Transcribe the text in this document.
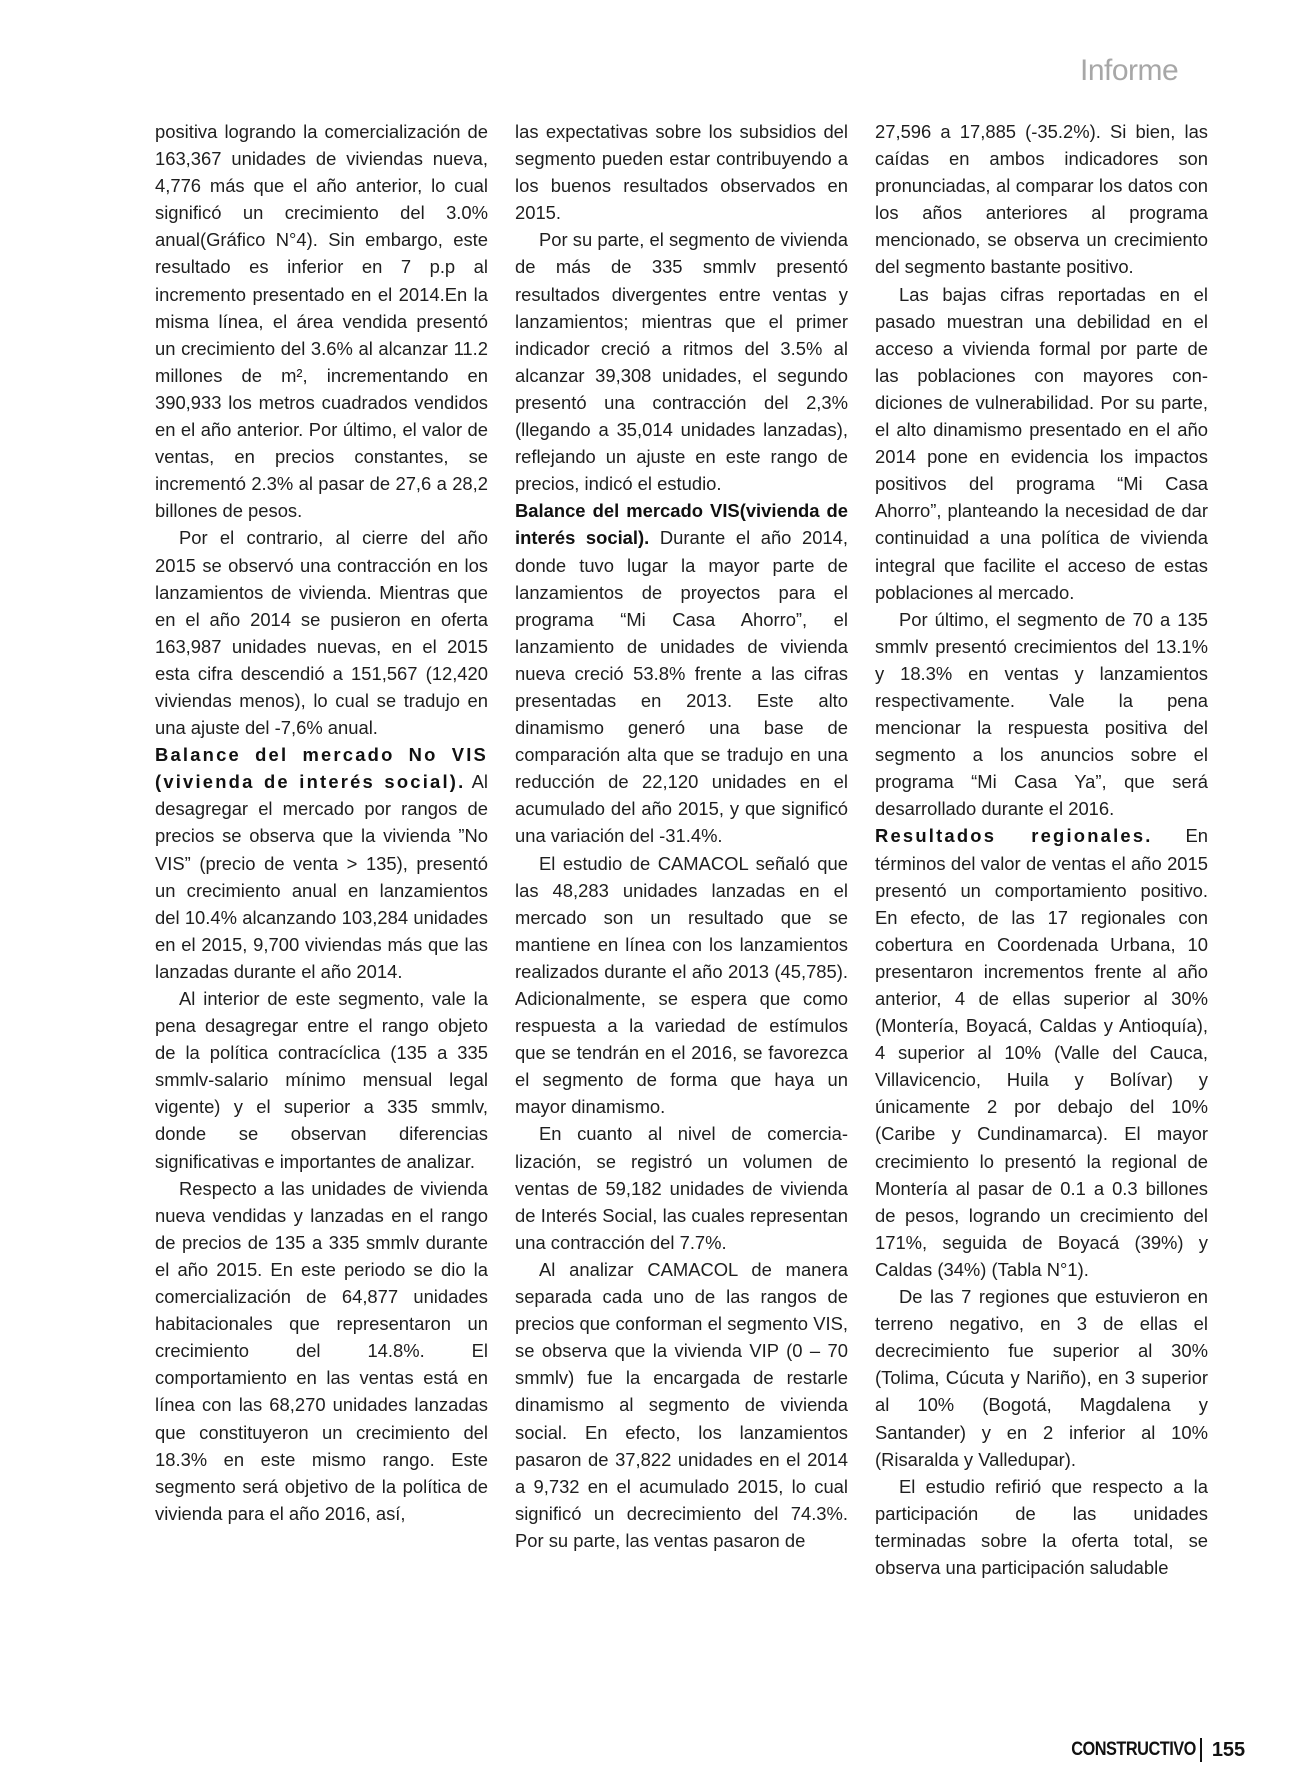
Informe

positiva logrando la comercialización de 163,367 unidades de viviendas nueva, 4,776 más que el año anterior, lo cual significó un crecimiento del 3.0% anual(Gráfico N°4). Sin embargo, este resultado es inferior en 7 p.p al incremento presentado en el 2014.En la misma línea, el área vendida presentó un crecimiento del 3.6% al alcanzar 11.2 millones de m², incrementando en 390,933 los metros cuadrados vendidos en el año anterior. Por último, el valor de ventas, en precios constantes, se incrementó 2.3% al pasar de 27,6 a 28,2 billones de pesos.

Por el contrario, al cierre del año 2015 se observó una contracción en los lanzamientos de vivienda. Mientras que en el año 2014 se pusieron en oferta 163,987 unidades nuevas, en el 2015 esta cifra descendió a 151,567 (12,420 viviendas menos), lo cual se tradujo en una ajuste del -7,6% anual.

Balance del mercado No VIS (vivienda de interés social). Al desagregar el mercado por rangos de precios se observa que la vivienda ”No VIS” (precio de venta > 135), presentó un crecimiento anual en lanzamientos del 10.4% alcanzando 103,284 unidades en el 2015, 9,700 viviendas más que las lanzadas durante el año 2014.

Al interior de este segmento, vale la pena desagregar entre el rango objeto de la política contracíclica (135 a 335 smmlv-salario mínimo mensual legal vigente) y el superior a 335 smmlv, donde se observan diferencias significativas e importantes de analizar.

Respecto a las unidades de vivienda nueva vendidas y lanzadas en el rango de precios de 135 a 335 smmlv durante el año 2015. En este periodo se dio la comercialización de 64,877 unidades habitacionales que representaron un crecimiento del 14.8%. El comportamiento en las ventas está en línea con las 68,270 unidades lanzadas que constituyeron un crecimiento del 18.3% en este mismo rango. Este segmento será objetivo de la política de vivienda para el año 2016, así,

las expectativas sobre los subsidios del segmento pueden estar contribuyendo a los buenos resultados observados en 2015.

Por su parte, el segmento de vivienda de más de 335 smmlv presentó resultados divergentes entre ventas y lanzamientos; mientras que el primer indicador creció a ritmos del 3.5% al alcanzar 39,308 unidades, el segundo presentó una contracción del 2,3% (llegando a 35,014 unidades lanzadas), reflejando un ajuste en este rango de precios, indicó el estudio.

Balance del mercado VIS(vivienda de interés social). Durante el año 2014, donde tuvo lugar la mayor parte de lanzamientos de proyectos para el programa “Mi Casa Ahorro”, el lanzamiento de unidades de vivienda nueva creció 53.8% frente a las cifras presentadas en 2013. Este alto dinamismo generó una base de comparación alta que se tradujo en una reducción de 22,120 unidades en el acumulado del año 2015, y que significó una variación del -31.4%.

El estudio de CAMACOL señaló que las 48,283 unidades lanzadas en el mercado son un resultado que se mantiene en línea con los lanzamientos realizados durante el año 2013 (45,785). Adicionalmente, se espera que como respuesta a la variedad de estímulos que se tendrán en el 2016, se favorezca el segmento de forma que haya un mayor dinamismo.

En cuanto al nivel de comercialización, se registró un volumen de ventas de 59,182 unidades de vivienda de Interés Social, las cuales representan una contracción del 7.7%.

Al analizar CAMACOL de manera separada cada uno de las rangos de precios que conforman el segmento VIS, se observa que la vivienda VIP (0 – 70 smmlv) fue la encargada de restarle dinamismo al segmento de vivienda social. En efecto, los lanzamientos pasaron de 37,822 unidades en el 2014 a 9,732 en el acumulado 2015, lo cual significó un decrecimiento del 74.3%. Por su parte, las ventas pasaron de

27,596 a 17,885 (-35.2%). Si bien, las caídas en ambos indicadores son pronunciadas, al comparar los datos con los años anteriores al programa mencionado, se observa un crecimiento del segmento bastante positivo.

Las bajas cifras reportadas en el pasado muestran una debilidad en el acceso a vivienda formal por parte de las poblaciones con mayores condiciones de vulnerabilidad. Por su parte, el alto dinamismo presentado en el año 2014 pone en evidencia los impactos positivos del programa “Mi Casa Ahorro”, planteando la necesidad de dar continuidad a una política de vivienda integral que facilite el acceso de estas poblaciones al mercado.

Por último, el segmento de 70 a 135 smmlv presentó crecimientos del 13.1% y 18.3% en ventas y lanzamientos respectivamente. Vale la pena mencionar la respuesta positiva del segmento a los anuncios sobre el programa “Mi Casa Ya”, que será desarrollado durante el 2016.

Resultados regionales. En términos del valor de ventas el año 2015 presentó un comportamiento positivo. En efecto, de las 17 regionales con cobertura en Coordenada Urbana, 10 presentaron incrementos frente al año anterior, 4 de ellas superior al 30% (Montería, Boyacá, Caldas y Antioquía), 4 superior al 10% (Valle del Cauca, Villavicencio, Huila y Bolívar) y únicamente 2 por debajo del 10% (Caribe y Cundinamarca). El mayor crecimiento lo presentó la regional de Montería al pasar de 0.1 a 0.3 billones de pesos, logrando un crecimiento del 171%, seguida de Boyacá (39%) y Caldas (34%) (Tabla N°1).

De las 7 regiones que estuvieron en terreno negativo, en 3 de ellas el decrecimiento fue superior al 30% (Tolima, Cúcuta y Nariño), en 3 superior al 10% (Bogotá, Magdalena y Santander) y en 2 inferior al 10% (Risaralda y Valledupar).

El estudio refirió que respecto a la participación de las unidades terminadas sobre la oferta total, se observa una participación saludable

CONSTRUCTIVO 155
